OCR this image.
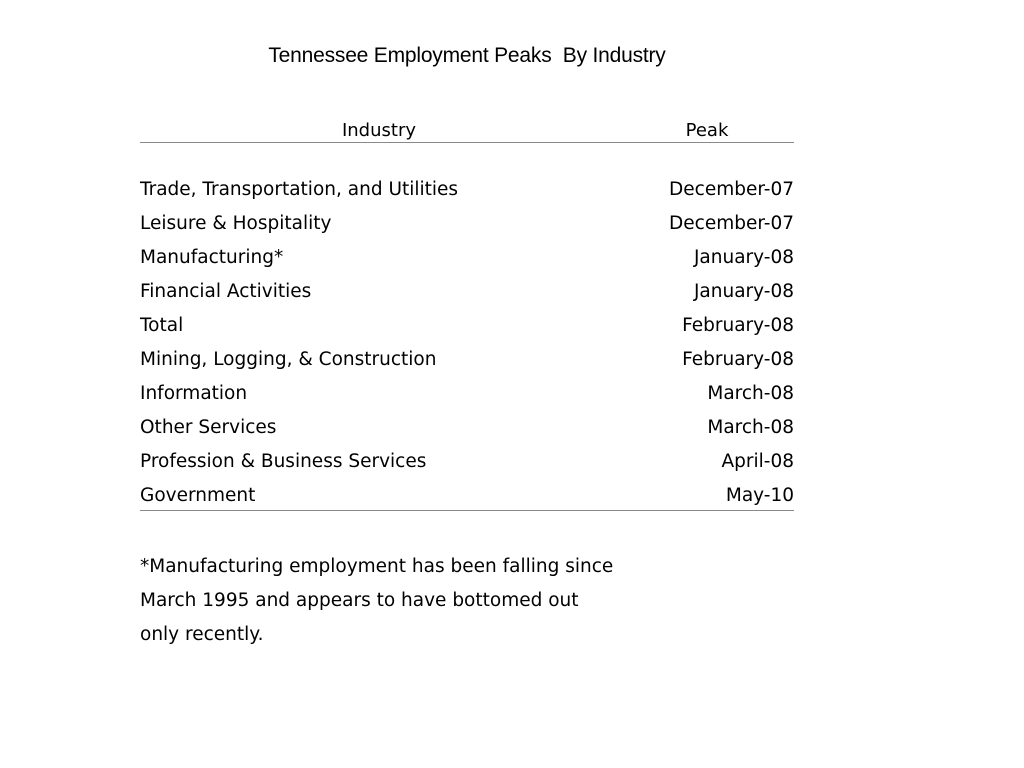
Tennessee Employment Peaks  By Industry
Industry	Peak
Trade, Transportation, and Utilities	December-07
Leisure & Hospitality	December-07
Manufacturing*	January-08
Financial Activities	January-08
Total	February-08
Mining, Logging, & Construction	February-08
Information	March-08
Other Services	March-08
Profession & Business Services	April-08
Government	May-10
*Manufacturing employment has been falling since
March 1995 and appears to have bottomed out
only recently.
